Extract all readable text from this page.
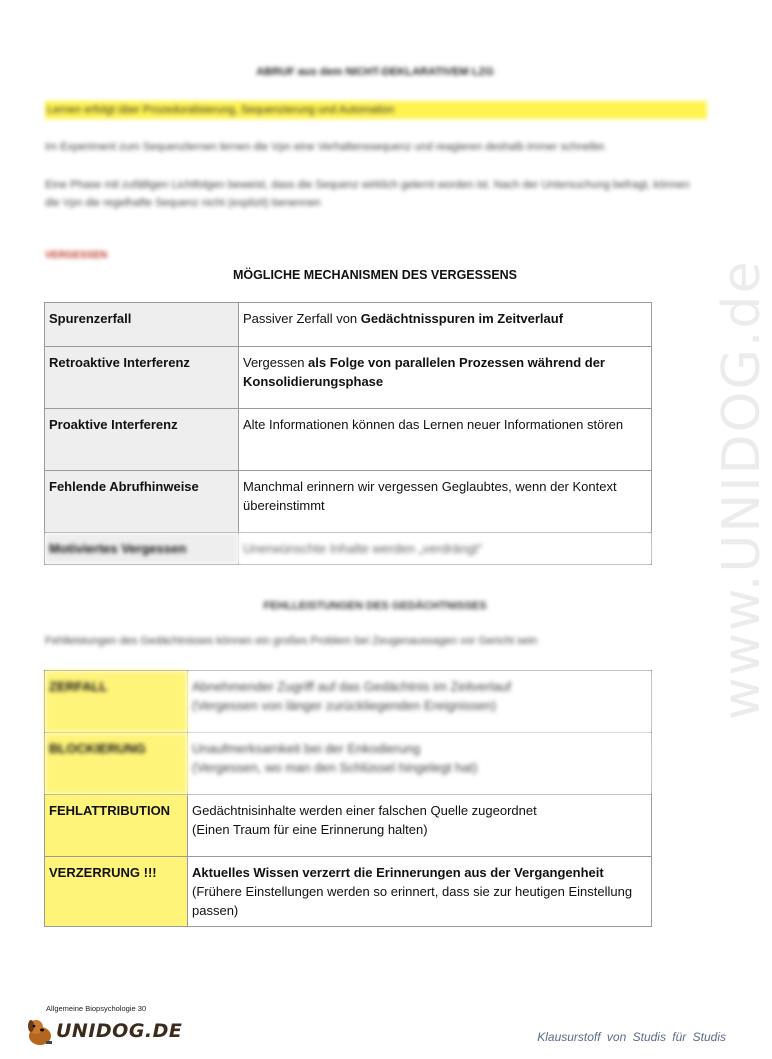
www.UNIDOG.de
ABRUF aus dem NICHT-DEKLARATIVEM LZG
Lernen erfolgt über Prozeduralisierung, Sequenzierung und Automation
Im Experiment zum Sequenzlernen lernen die Vpn eine Verhaltenssequenz und reagieren deshalb immer schneller.
Eine Phase mit zufälligen Lichtfolgen beweist, dass die Sequenz wirklich gelernt worden ist. Nach der Untersuchung befragt, können die Vpn die regelhafte Sequenz nicht (explizit) benennen
VERGESSEN
MÖGLICHE MECHANISMEN DES VERGESSENS
Spurenzerfall	Passiver Zerfall von Gedächtnisspuren im Zeitverlauf
Retroaktive Interferenz	Vergessen als Folge von parallelen Prozessen während der Konsolidierungsphase
Proaktive Interferenz	Alte Informationen können das Lernen neuer Informationen stören
Fehlende Abrufhinweise	Manchmal erinnern wir vergessen Geglaubtes, wenn der Kontext übereinstimmt
Motiviertes Vergessen	Unerwünschte Inhalte werden „verdrängt“
FEHLLEISTUNGEN DES GEDÄCHTNISSES
Fehlleistungen des Gedächtnisses können ein großes Problem bei Zeugenaussagen vor Gericht sein
ZERFALL	Abnehmender Zugriff auf das Gedächtnis im Zeitverlauf
(Vergessen von länger zurückliegenden Ereignissen)

BLOCKIERUNG	Unaufmerksamkeit bei der Enkodierung
(Vergessen, wo man den Schlüssel hingelegt hat)

FEHLATTRIBUTION	Gedächtnisinhalte werden einer falschen Quelle zugeordnet
(Einen Traum für eine Erinnerung halten)

VERZERRUNG !!!	Aktuelles Wissen verzerrt die Erinnerungen aus der Vergangenheit
(Frühere Einstellungen werden so erinnert, dass sie zur heutigen Einstellung passen)
Allgemeine Biopsychologie 30
UNIDOG.DE	Klausurstoff von Studis für Studis
